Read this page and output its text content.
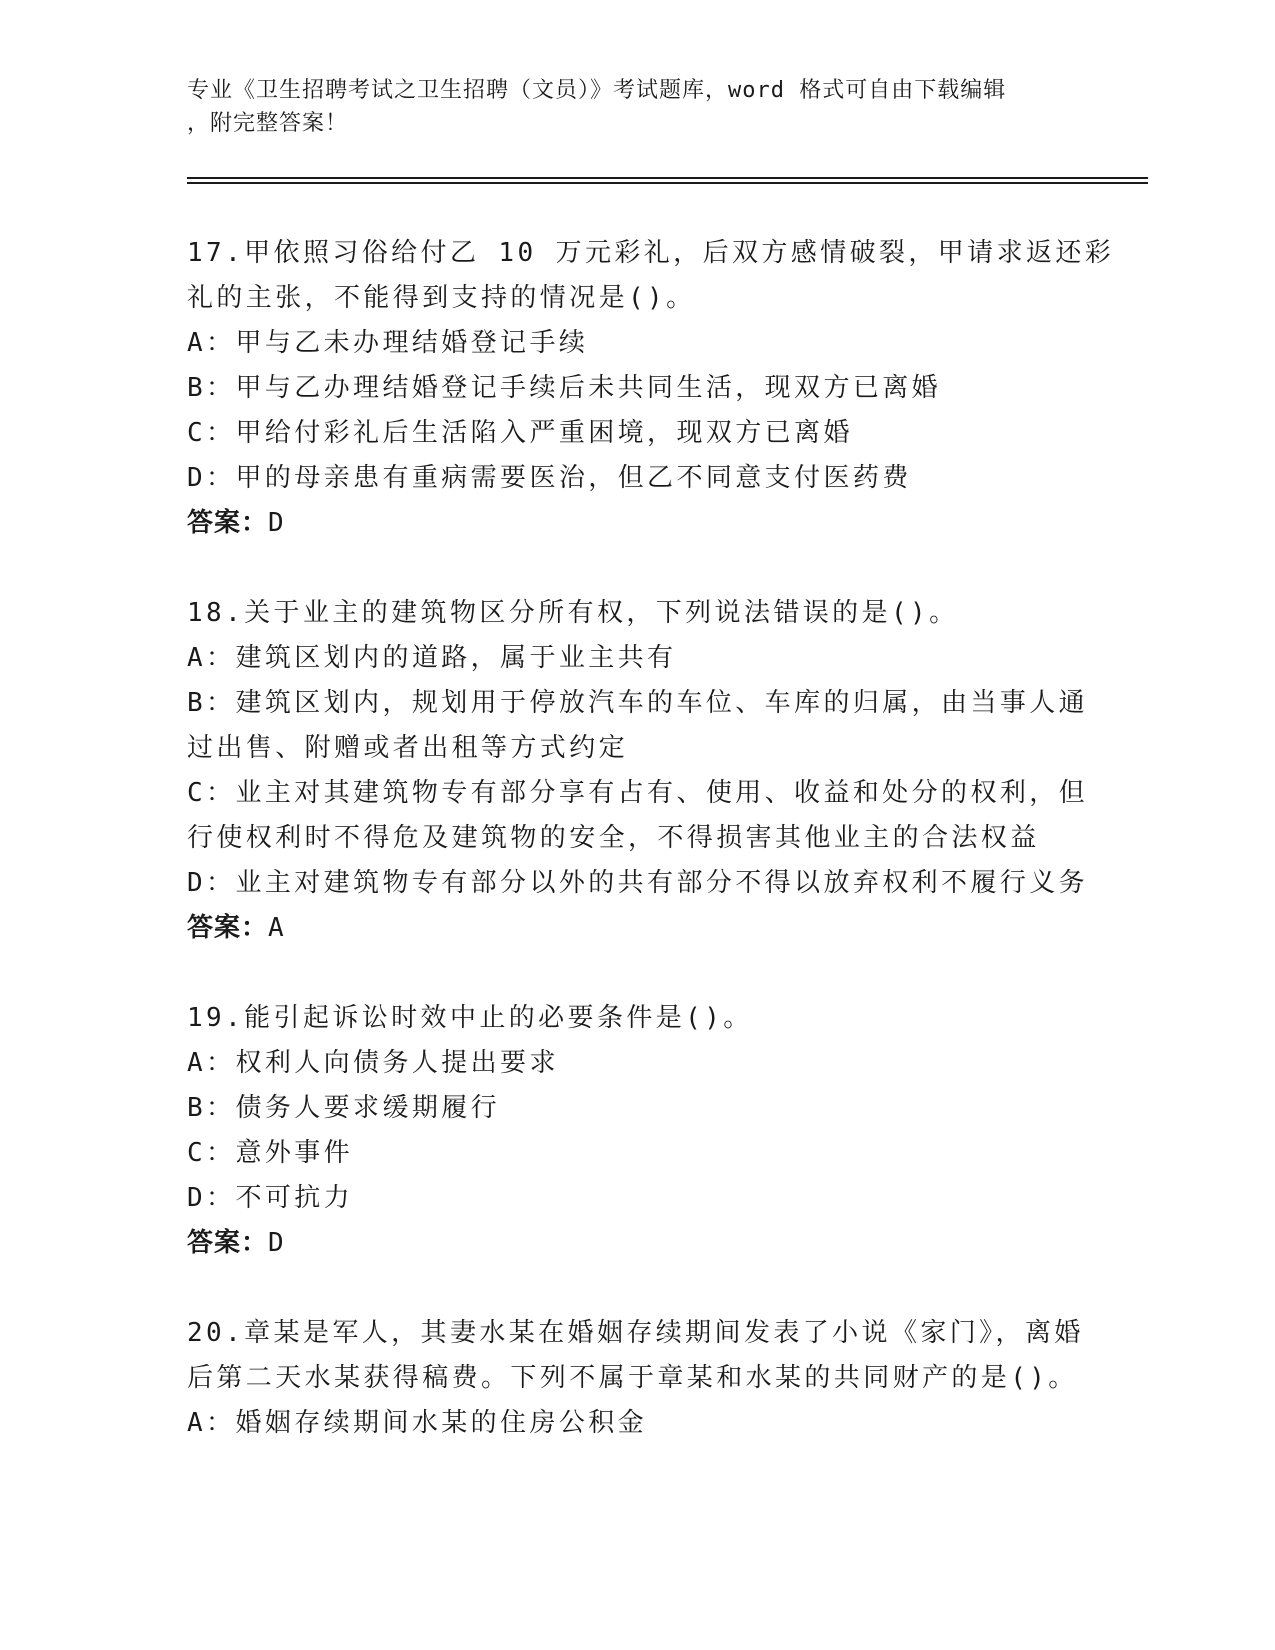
专业《卫生招聘考试之卫生招聘（文员）》考试题库，word 格式可自由下载编辑
，附完整答案！
17.甲依照习俗给付乙 10 万元彩礼，后双方感情破裂，甲请求返还彩
礼的主张，不能得到支持的情况是()。
A：甲与乙未办理结婚登记手续
B：甲与乙办理结婚登记手续后未共同生活，现双方已离婚
C：甲给付彩礼后生活陷入严重困境，现双方已离婚
D：甲的母亲患有重病需要医治，但乙不同意支付医药费
答案：D
18.关于业主的建筑物区分所有权，下列说法错误的是()。
A：建筑区划内的道路，属于业主共有
B：建筑区划内，规划用于停放汽车的车位、车库的归属，由当事人通
过出售、附赠或者出租等方式约定
C：业主对其建筑物专有部分享有占有、使用、收益和处分的权利，但
行使权利时不得危及建筑物的安全，不得损害其他业主的合法权益
D：业主对建筑物专有部分以外的共有部分不得以放弃权利不履行义务
答案：A
19.能引起诉讼时效中止的必要条件是()。
A：权利人向债务人提出要求
B：债务人要求缓期履行
C：意外事件
D：不可抗力
答案：D
20.章某是军人，其妻水某在婚姻存续期间发表了小说《家门》，离婚
后第二天水某获得稿费。下列不属于章某和水某的共同财产的是()。
A：婚姻存续期间水某的住房公积金
